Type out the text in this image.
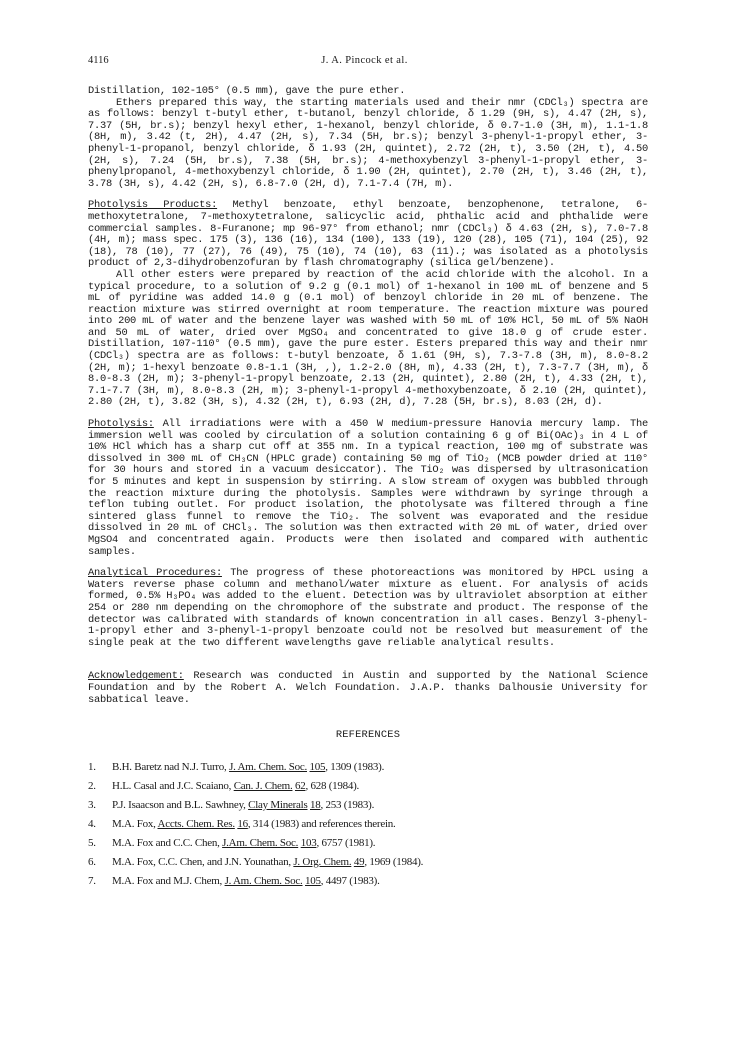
4116	J. A. Pincock et al.

Distillation, 102-105° (0.5 mm), gave the pure ether.

Ethers prepared this way, the starting materials used and their nmr (CDCl₃) spectra are as follows: benzyl t-butyl ether, t-butanol, benzyl chloride, δ 1.29 (9H, s), 4.47 (2H, s), 7.37 (5H, br.s); benzyl hexyl ether, 1-hexanol, benzyl chloride, δ 0.7-1.0 (3H, m), 1.1-1.8 (8H, m), 3.42 (t, 2H), 4.47 (2H, s), 7.34 (5H, br.s); benzyl 3-phenyl-1-propyl ether, 3-phenyl-1-propanol, benzyl chloride, δ 1.93 (2H, quintet), 2.72 (2H, t), 3.50 (2H, t), 4.50 (2H, s), 7.24 (5H, br.s), 7.38 (5H, br.s); 4-methoxybenzyl 3-phenyl-1-propyl ether, 3-phenylpropanol, 4-methoxybenzyl chloride, δ 1.90 (2H, quintet), 2.70 (2H, t), 3.46 (2H, t), 3.78 (3H, s), 4.42 (2H, s), 6.8-7.0 (2H, d), 7.1-7.4 (7H, m).

Photolysis Products: Methyl benzoate, ethyl benzoate, benzophenone, tetralone, 6-methoxytetralone, 7-methoxytetralone, salicyclic acid, phthalic acid and phthalide were commercial samples. 8-Furanone; mp 96-97° from ethanol; nmr (CDCl₃) δ 4.63 (2H, s), 7.0-7.8 (4H, m); mass spec. 175 (3), 136 (16), 134 (100), 133 (19), 120 (28), 105 (71), 104 (25), 92 (18), 78 (10), 77 (27), 76 (49), 75 (10), 74 (10), 63 (11).; was isolated as a photolysis product of 2,3-dihydrobenzofuran by flash chromatography (silica gel/benzene).

All other esters were prepared by reaction of the acid chloride with the alcohol. In a typical procedure, to a solution of 9.2 g (0.1 mol) of 1-hexanol in 100 mL of benzene and 5 mL of pyridine was added 14.0 g (0.1 mol) of benzoyl chloride in 20 mL of benzene. The reaction mixture was stirred overnight at room temperature. The reaction mixture was poured into 200 mL of water and the benzene layer was washed with 50 mL of 10% HCl, 50 mL of 5% NaOH and 50 mL of water, dried over MgSO₄ and concentrated to give 18.0 g of crude ester. Distillation, 107-110° (0.5 mm), gave the pure ester. Esters prepared this way and their nmr (CDCl₃) spectra are as follows: t-butyl benzoate, δ 1.61 (9H, s), 7.3-7.8 (3H, m), 8.0-8.2 (2H, m); 1-hexyl benzoate 0.8-1.1 (3H, ,), 1.2-2.0 (8H, m), 4.33 (2H, t), 7.3-7.7 (3H, m), δ 8.0-8.3 (2H, m); 3-phenyl-1-propyl benzoate, 2.13 (2H, quintet), 2.80 (2H, t), 4.33 (2H, t), 7.1-7.7 (3H, m), 8.0-8.3 (2H, m); 3-phenyl-1-propyl 4-methoxybenzoate, δ 2.10 (2H, quintet), 2.80 (2H, t), 3.82 (3H, s), 4.32 (2H, t), 6.93 (2H, d), 7.28 (5H, br.s), 8.03 (2H, d).

Photolysis: All irradiations were with a 450 W medium-pressure Hanovia mercury lamp. The immersion well was cooled by circulation of a solution containing 6 g of Bi(OAc)₃ in 4 L of 10% HCl which has a sharp cut off at 355 nm. In a typical reaction, 100 mg of substrate was dissolved in 300 mL of CH₃CN (HPLC grade) containing 50 mg of TiO₂ (MCB powder dried at 110° for 30 hours and stored in a vacuum desiccator). The TiO₂ was dispersed by ultrasonication for 5 minutes and kept in suspension by stirring. A slow stream of oxygen was bubbled through the reaction mixture during the photolysis. Samples were withdrawn by syringe through a teflon tubing outlet. For product isolation, the photolysate was filtered through a fine sintered glass funnel to remove the TiO₂. The solvent was evaporated and the residue dissolved in 20 mL of CHCl₃. The solution was then extracted with 20 mL of water, dried over MgSO4 and concentrated again. Products were then isolated and compared with authentic samples.

Analytical Procedures: The progress of these photoreactions was monitored by HPCL using a Waters reverse phase column and methanol/water mixture as eluent. For analysis of acids formed, 0.5% H₃PO₄ was added to the eluent. Detection was by ultraviolet absorption at either 254 or 280 nm depending on the chromophore of the substrate and product. The response of the detector was calibrated with standards of known concentration in all cases. Benzyl 3-phenyl-1-propyl ether and 3-phenyl-1-propyl benzoate could not be resolved but measurement of the single peak at the two different wavelengths gave reliable analytical results.

Acknowledgement: Research was conducted in Austin and supported by the National Science Foundation and by the Robert A. Welch Foundation. J.A.P. thanks Dalhousie University for sabbatical leave.

REFERENCES
1. B.H. Baretz nad N.J. Turro, J. Am. Chem. Soc. 105, 1309 (1983).
2. H.L. Casal and J.C. Scaiano, Can. J. Chem. 62, 628 (1984).
3. P.J. Isaacson and B.L. Sawhney, Clay Minerals 18, 253 (1983).
4. M.A. Fox, Accts. Chem. Res. 16, 314 (1983) and references therein.
5. M.A. Fox and C.C. Chen, J.Am. Chem. Soc. 103, 6757 (1981).
6. M.A. Fox, C.C. Chen, and J.N. Younathan, J. Org. Chem. 49, 1969 (1984).
7. M.A. Fox and M.J. Chem, J. Am. Chem. Soc. 105, 4497 (1983).
